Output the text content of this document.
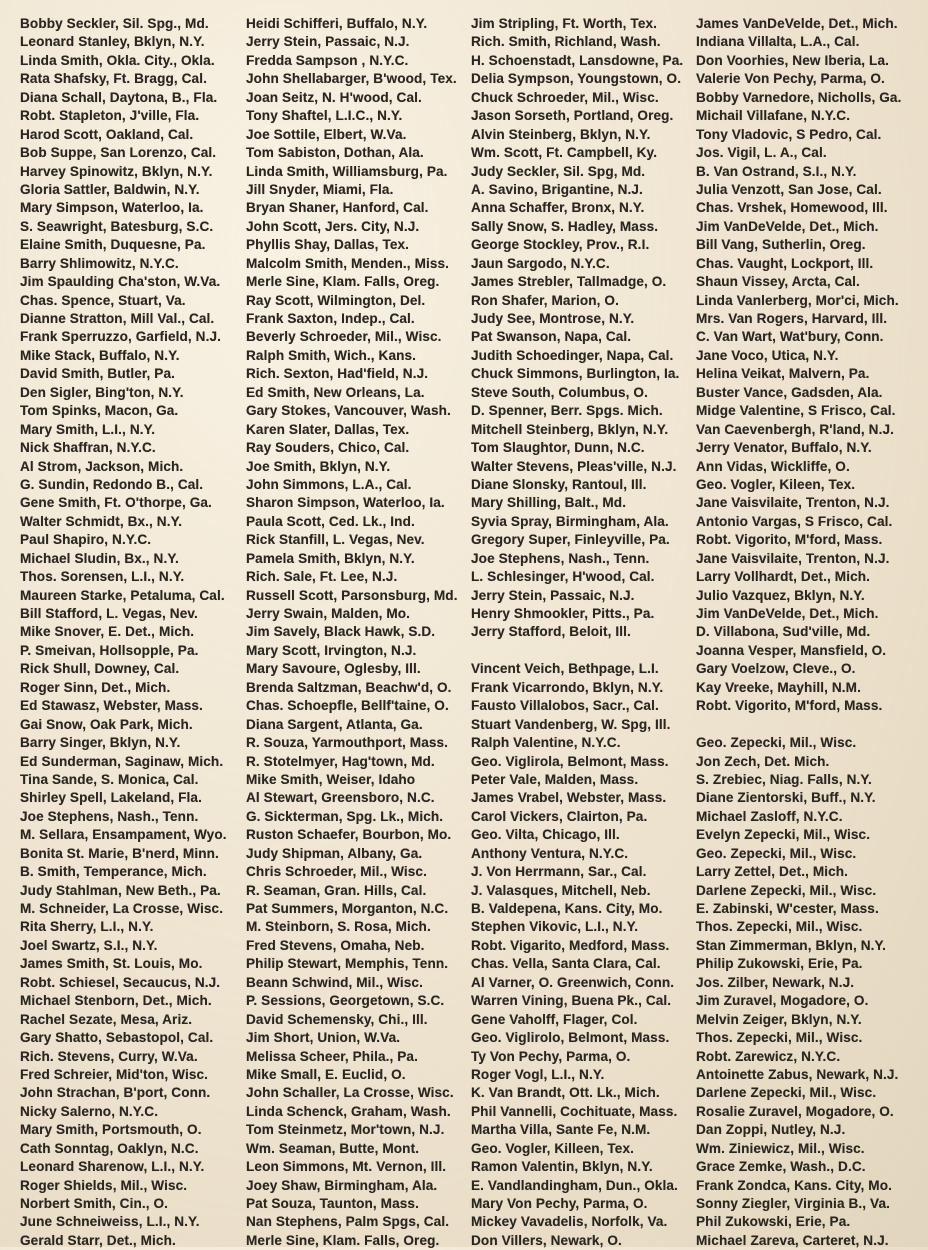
Bobby Seckler, Sil. Spg., Md.
Leonard Stanley, Bklyn, N.Y.
Linda Smith, Okla. City., Okla.
Rata Shafsky, Ft. Bragg, Cal.
Diana Schall, Daytona, B., Fla.
Robt. Stapleton, J'ville, Fla.
Harod Scott, Oakland, Cal.
Bob Suppe, San Lorenzo, Cal.
Harvey Spinowitz, Bklyn, N.Y.
Gloria Sattler, Baldwin, N.Y.
Mary Simpson, Waterloo, Ia.
S. Seawright, Batesburg, S.C.
Elaine Smith, Duquesne, Pa.
Barry Shlimowitz, N.Y.C.
Jim Spaulding Cha'ston, W.Va.
Chas. Spence, Stuart, Va.
Dianne Stratton, Mill Val., Cal.
Frank Sperruzzo, Garfield, N.J.
Mike Stack, Buffalo, N.Y.
David Smith, Butler, Pa.
Den Sigler, Bing'ton, N.Y.
Tom Spinks, Macon, Ga.
Mary Smith, L.I., N.Y.
Nick Shaffran, N.Y.C.
Al Strom, Jackson, Mich.
G. Sundin, Redondo B., Cal.
Gene Smith, Ft. O'thorpe, Ga.
Walter Schmidt, Bx., N.Y.
Paul Shapiro, N.Y.C.
Michael Sludin, Bx., N.Y.
Thos. Sorensen, L.I., N.Y.
Maureen Starke, Petaluma, Cal.
Bill Stafford, L. Vegas, Nev.
Mike Snover, E. Det., Mich.
P. Smeivan, Hollsopple, Pa.
Rick Shull, Downey, Cal.
Roger Sinn, Det., Mich.
Ed Stawasz, Webster, Mass.
Gai Snow, Oak Park, Mich.
Barry Singer, Bklyn, N.Y.
Ed Sunderman, Saginaw, Mich.
Tina Sande, S. Monica, Cal.
Shirley Spell, Lakeland, Fla.
Joe Stephens, Nash., Tenn.
M. Sellara, Ensampament, Wyo.
Bonita St. Marie, B'nerd, Minn.
B. Smith, Temperance, Mich.
Judy Stahlman, New Beth., Pa.
M. Schneider, La Crosse, Wisc.
Rita Sherry, L.I., N.Y.
Joel Swartz, S.I., N.Y.
James Smith, St. Louis, Mo.
Robt. Schiesel, Secaucus, N.J.
Michael Stenborn, Det., Mich.
Rachel Sezate, Mesa, Ariz.
Gary Shatto, Sebastopol, Cal.
Rich. Stevens, Curry, W.Va.
Fred Schreier, Mid'ton, Wisc.
John Strachan, B'port, Conn.
Nicky Salerno, N.Y.C.
Mary Smith, Portsmouth, O.
Cath Sonntag, Oaklyn, N.C.
Leonard Sharenow, L.I., N.Y.
Roger Shields, Mil., Wisc.
Norbert Smith, Cin., O.
June Schneiweiss, L.I., N.Y.
Gerald Starr, Det., Mich.
Heidi Schifferi, Buffalo, N.Y.
Jerry Stein, Passaic, N.J.
Fredda Sampson , N.Y.C.
John Shellabarger, B'wood, Tex.
Joan Seitz, N. H'wood, Cal.
Tony Shaftel, L.I.C., N.Y.
Joe Sottile, Elbert, W.Va.
Tom Sabiston, Dothan, Ala.
Linda Smith, Williamsburg, Pa.
Jill Snyder, Miami, Fla.
Bryan Shaner, Hanford, Cal.
John Scott, Jers. City, N.J.
Phyllis Shay, Dallas, Tex.
Malcolm Smith, Menden., Miss.
Merle Sine, Klam. Falls, Oreg.
Ray Scott, Wilmington, Del.
Frank Saxton, Indep., Cal.
Beverly Schroeder, Mil., Wisc.
Ralph Smith, Wich., Kans.
Rich. Sexton, Had'field, N.J.
Ed Smith, New Orleans, La.
Gary Stokes, Vancouver, Wash.
Karen Slater, Dallas, Tex.
Ray Souders, Chico, Cal.
Joe Smith, Bklyn, N.Y.
John Simmons, L.A., Cal.
Sharon Simpson, Waterloo, Ia.
Paula Scott, Ced. Lk., Ind.
Rick Stanfill, L. Vegas, Nev.
Pamela Smith, Bklyn, N.Y.
Rich. Sale, Ft. Lee, N.J.
Russell Scott, Parsonsburg, Md.
Jerry Swain, Malden, Mo.
Jim Savely, Black Hawk, S.D.
Mary Scott, Irvington, N.J.
Mary Savoure, Oglesby, Ill.
Brenda Saltzman, Beachw'd, O.
Chas. Schoepfle, Bellf'taine, O.
Diana Sargent, Atlanta, Ga.
R. Souza, Yarmouthport, Mass.
R. Stotelmyer, Hag'town, Md.
Mike Smith, Weiser, Idaho
Al Stewart, Greensboro, N.C.
G. Sickterman, Spg. Lk., Mich.
Ruston Schaefer, Bourbon, Mo.
Judy Shipman, Albany, Ga.
Chris Schroeder, Mil., Wisc.
R. Seaman, Gran. Hills, Cal.
Pat Summers, Morganton, N.C.
M. Steinborn, S. Rosa, Mich.
Fred Stevens, Omaha, Neb.
Philip Stewart, Memphis, Tenn.
Beann Schwind, Mil., Wisc.
P. Sessions, Georgetown, S.C.
David Schemensky, Chi., Ill.
Jim Short, Union, W.Va.
Melissa Scheer, Phila., Pa.
Mike Small, E. Euclid, O.
John Schaller, La Crosse, Wisc.
Linda Schenck, Graham, Wash.
Tom Steinmetz, Mor'town, N.J.
Wm. Seaman, Butte, Mont.
Leon Simmons, Mt. Vernon, Ill.
Joey Shaw, Birmingham, Ala.
Pat Souza, Taunton, Mass.
Nan Stephens, Palm Spgs, Cal.
Merle Sine, Klam. Falls, Oreg.
Jim Stripling, Ft. Worth, Tex.
Rich. Smith, Richland, Wash.
H. Schoenstadt, Lansdowne, Pa.
Delia Sympson, Youngstown, O.
Chuck Schroeder, Mil., Wisc.
Jason Sorseth, Portland, Oreg.
Alvin Steinberg, Bklyn, N.Y.
Wm. Scott, Ft. Campbell, Ky.
Judy Seckler, Sil. Spg, Md.
A. Savino, Brigantine, N.J.
Anna Schaffer, Bronx, N.Y.
Sally Snow, S. Hadley, Mass.
George Stockley, Prov., R.I.
Jaun Sargodo, N.Y.C.
James Strebler, Tallmadge, O.
Ron Shafer, Marion, O.
Judy See, Montrose, N.Y.
Pat Swanson, Napa, Cal.
Judith Schoedinger, Napa, Cal.
Chuck Simmons, Burlington, Ia.
Steve South, Columbus, O.
D. Spenner, Berr. Spgs. Mich.
Mitchell Steinberg, Bklyn, N.Y.
Tom Slaughtor, Dunn, N.C.
Walter Stevens, Pleas'ville, N.J.
Diane Slonsky, Rantoul, Ill.
Mary Shilling, Balt., Md.
Syvia Spray, Birmingham, Ala.
Gregory Super, Finleyville, Pa.
Joe Stephens, Nash., Tenn.
L. Schlesinger, H'wood, Cal.
Jerry Stein, Passaic, N.J.
Henry Shmookler, Pitts., Pa.
Jerry Stafford, Beloit, Ill.
Vincent Veich, Bethpage, L.I.
Frank Vicarrondo, Bklyn, N.Y.
Fausto Villalobos, Sacr., Cal.
Stuart Vandenberg, W. Spg, Ill.
Ralph Valentine, N.Y.C.
Geo. Viglirola, Belmont, Mass.
Peter Vale, Malden, Mass.
James Vrabel, Webster, Mass.
Carol Vickers, Clairton, Pa.
Geo. Vilta, Chicago, Ill.
Anthony Ventura, N.Y.C.
J. Von Herrmann, Sar., Cal.
J. Valasques, Mitchell, Neb.
B. Valdepena, Kans. City, Mo.
Stephen Vikovic, L.I., N.Y.
Robt. Vigarito, Medford, Mass.
Chas. Vella, Santa Clara, Cal.
Al Varner, O. Greenwich, Conn.
Warren Vining, Buena Pk., Cal.
Gene Vaholff, Flager, Col.
Geo. Viglirolo, Belmont, Mass.
Ty Von Pechy, Parma, O.
Roger Vogl, L.I., N.Y.
K. Van Brandt, Ott. Lk., Mich.
Phil Vannelli, Cochituate, Mass.
Martha Villa, Sante Fe, N.M.
Geo. Vogler, Killeen, Tex.
Ramon Valentin, Bklyn, N.Y.
E. Vandlandingham, Dun., Okla.
Mary Von Pechy, Parma, O.
Mickey Vavadelis, Norfolk, Va.
Don Villers, Newark, O.
James VanDeVelde, Det., Mich.
Indiana Villalta, L.A., Cal.
Don Voorhies, New Iberia, La.
Valerie Von Pechy, Parma, O.
Bobby Varnedore, Nicholls, Ga.
Michail Villafane, N.Y.C.
Tony Vladovic, S Pedro, Cal.
Jos. Vigil, L. A., Cal.
B. Van Ostrand, S.I., N.Y.
Julia Venzott, San Jose, Cal.
Chas. Vrshek, Homewood, Ill.
Jim VanDeVelde, Det., Mich.
Bill Vang, Sutherlin, Oreg.
Chas. Vaught, Lockport, Ill.
Shaun Vissey, Arcta, Cal.
Linda Vanlerberg, Mor'ci, Mich.
Mrs. Van Rogers, Harvard, Ill.
C. Van Wart, Wat'bury, Conn.
Jane Voco, Utica, N.Y.
Helina Veikat, Malvern, Pa.
Buster Vance, Gadsden, Ala.
Midge Valentine, S Frisco, Cal.
Van Caevenbergh, R'land, N.J.
Jerry Venator, Buffalo, N.Y.
Ann Vidas, Wickliffe, O.
Geo. Vogler, Kileen, Tex.
Jane Vaisvilaite, Trenton, N.J.
Antonio Vargas, S Frisco, Cal.
Robt. Vigorito, M'ford, Mass.
Jane Vaisvilaite, Trenton, N.J.
Larry Vollhardt, Det., Mich.
Julio Vazquez, Bklyn, N.Y.
Jim VanDeVelde, Det., Mich.
D. Villabona, Sud'ville, Md.
Joanna Vesper, Mansfield, O.
Gary Voelzow, Cleve., O.
Kay Vreeke, Mayhill, N.M.
Robt. Vigorito, M'ford, Mass.
Geo. Zepecki, Mil., Wisc.
Jon Zech, Det. Mich.
S. Zrebiec, Niag. Falls, N.Y.
Diane Zientorski, Buff., N.Y.
Michael Zasloff, N.Y.C.
Evelyn Zepecki, Mil., Wisc.
Geo. Zepecki, Mil., Wisc.
Larry Zettel, Det., Mich.
Darlene Zepecki, Mil., Wisc.
E. Zabinski, W'cester, Mass.
Thos. Zepecki, Mil., Wisc.
Stan Zimmerman, Bklyn, N.Y.
Philip Zukowski, Erie, Pa.
Jos. Zilber, Newark, N.J.
Jim Zuravel, Mogadore, O.
Melvin Zeiger, Bklyn, N.Y.
Thos. Zepecki, Mil., Wisc.
Robt. Zarewicz, N.Y.C.
Antoinette Zabus, Newark, N.J.
Darlene Zepecki, Mil., Wisc.
Rosalie Zuravel, Mogadore, O.
Dan Zoppi, Nutley, N.J.
Wm. Ziniewicz, Mil., Wisc.
Grace Zemke, Wash., D.C.
Frank Zondca, Kans. City, Mo.
Sonny Ziegler, Virginia B., Va.
Phil Zukowski, Erie, Pa.
Michael Zareva, Carteret, N.J.
